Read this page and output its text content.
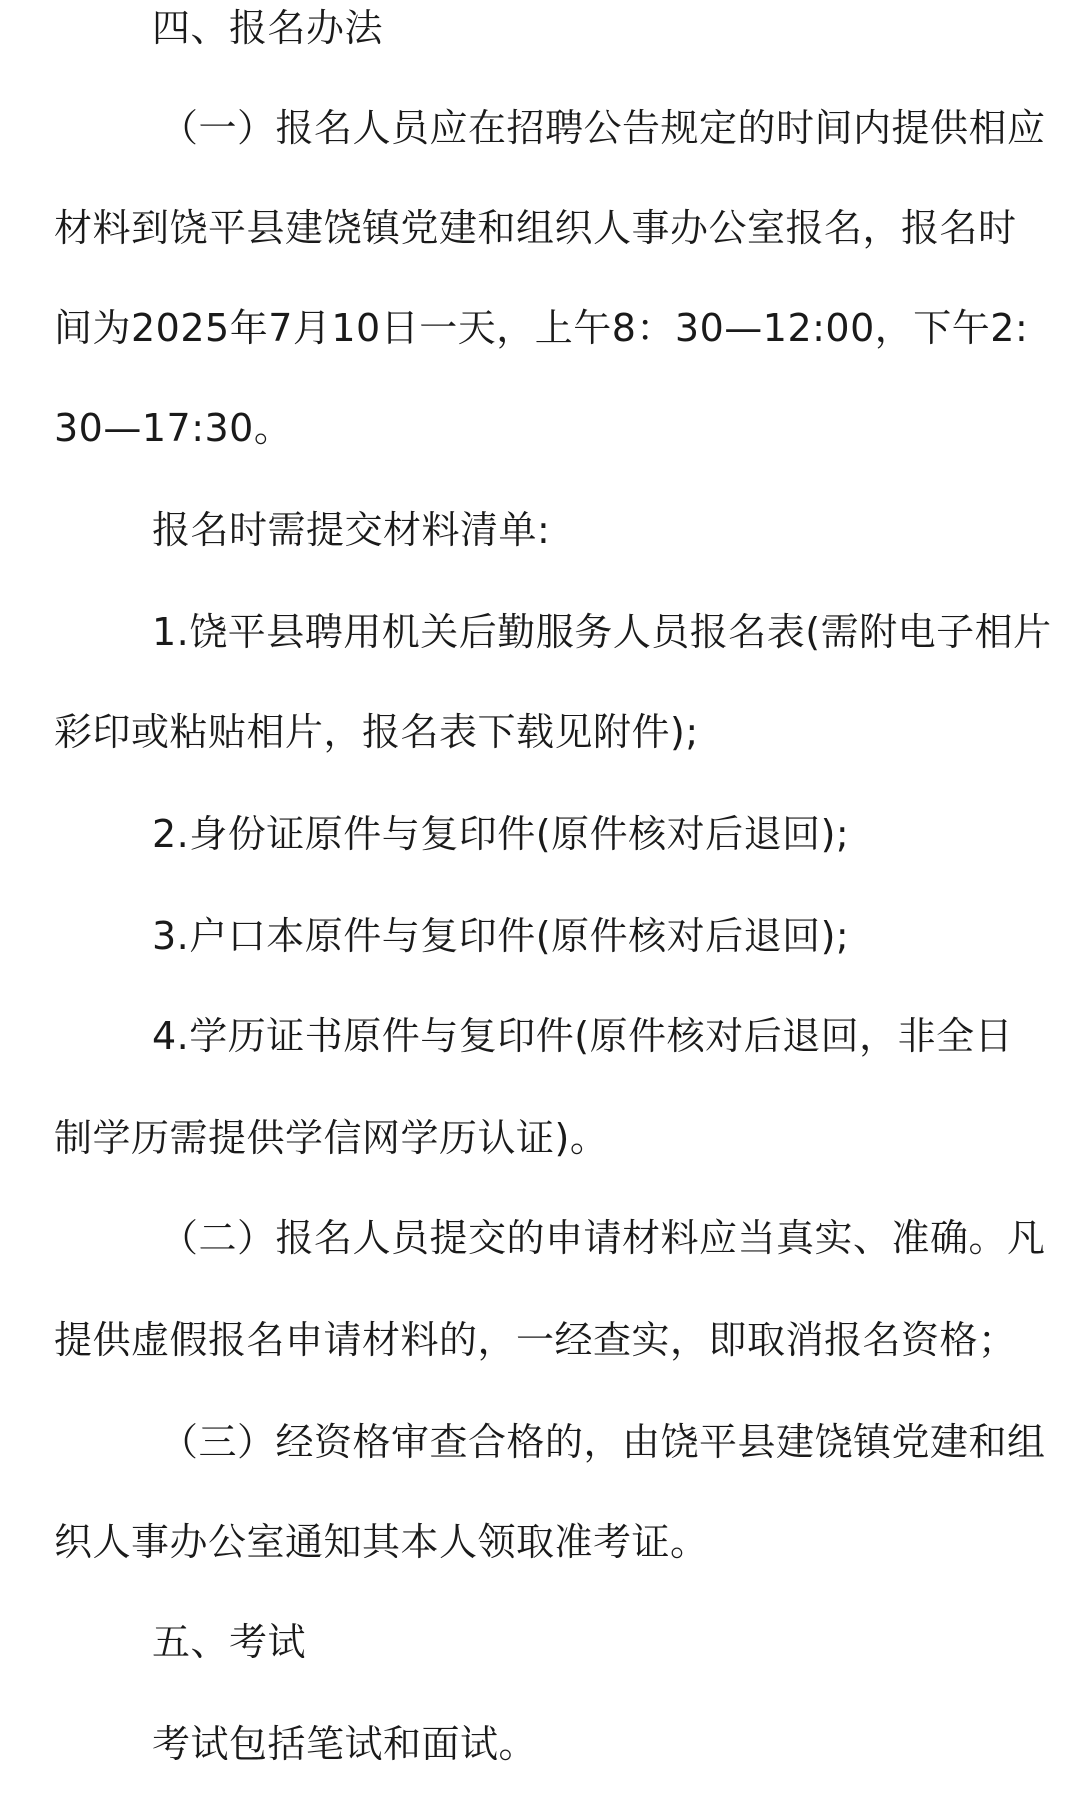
四、报名办法
（一）报名人员应在招聘公告规定的时间内提供相应
材料到饶平县建饶镇党建和组织人事办公室报名，报名时
间为2025年7月10日一天，上午8：30—12:00，下午2:
30—17:30。
报名时需提交材料清单:
1.饶平县聘用机关后勤服务人员报名表(需附电子相片
彩印或粘贴相片，报名表下载见附件);
2.身份证原件与复印件(原件核对后退回);
3.户口本原件与复印件(原件核对后退回);
4.学历证书原件与复印件(原件核对后退回，非全日
制学历需提供学信网学历认证)。
（二）报名人员提交的申请材料应当真实、准确。凡
提供虚假报名申请材料的，一经查实，即取消报名资格；
（三）经资格审查合格的，由饶平县建饶镇党建和组
织人事办公室通知其本人领取准考证。
五、考试
考试包括笔试和面试。
